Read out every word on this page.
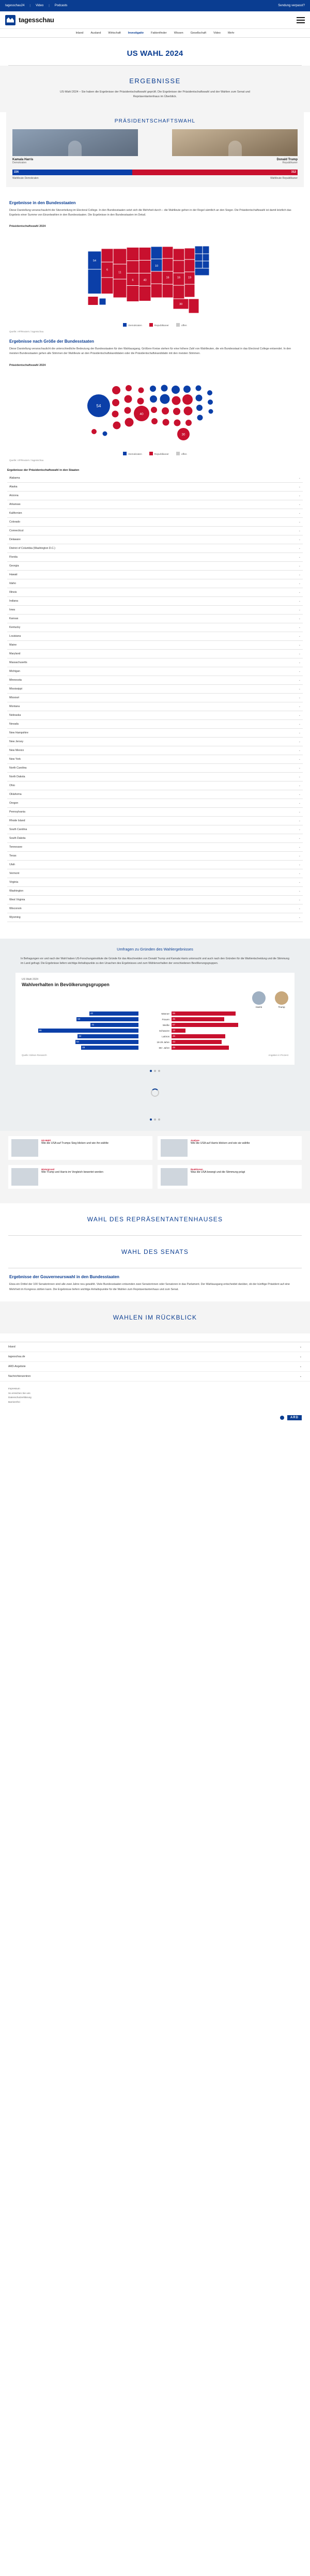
tagesschau24 | Video | Podcasts	Sendung verpasst?
tagesschau
Inland	Ausland	Wirtschaft	Investigativ	Faktenfinder	Wissen	Gesellschaft	Video	Mehr
US WAHL 2024
ERGEBNISSE

US-Wahl 2024 – Sie haben die Ergebnisse der Präsidentschaftswahl geprüft. Die Ergebnisse der Präsidentschaftswahl und der Wahlen zum Senat und Repräsentantenhaus im Überblick.

PRÄSIDENTSCHAFTSWAHL
Kamala Harris
Demokraten
Donald Trump
Republikaner
226	312
Wahlleute Demokraten	Wahlleute Republikaner
Ergebnisse in den Bundesstaaten

Diese Darstellung veranschaulicht die Sitzverteilung im Electoral College. In den Bundesstaaten setzt sich die Mehrheit durch – die Wahlleute gehen in der Regel sämtlich an den Sieger. Die Präsidentschaftswahl ist damit letztlich das Ergebnis einer Summe von Einzelwahlen in den Bundesstaaten. Die Ergebnisse in den Bundesstaaten im Detail.

Präsidentschaftswahl 2024
54
6
11
6 40
10
16 16 19
30
Demokraten	Republikaner	offen
Quelle: AP/Reuters / tagesschau
Ergebnisse nach Größe der Bundesstaaten

Diese Darstellung veranschaulicht die unterschiedliche Bedeutung der Bundesstaaten für den Wahlausgang. Größere Kreise stehen für eine höhere Zahl von Wahlleuten, die ein Bundesstaat in das Electoral College entsendet. In den meisten Bundesstaaten gehen alle Stimmen der Wahlleute an den Präsidentschaftskandidaten oder die Präsidentschaftskandidatin mit den meisten Stimmen.

Präsidentschaftswahl 2024
54
40
30
Demokraten	Republikaner	offen
Quelle: AP/Reuters / tagesschau
Ergebnisse der Präsidentschaftswahl in den Staaten
Alabama	⌄
Alaska	⌄
Arizona	⌄
Arkansas	⌄
Kalifornien	⌄
Colorado	⌄
Connecticut	⌄
Delaware	⌄
District of Columbia (Washington D.C.)	⌄
Florida	⌄
Georgia	⌄
Hawaii	⌄
Idaho	⌄
Illinois	⌄
Indiana	⌄
Iowa	⌄
Kansas	⌄
Kentucky	⌄
Louisiana	⌄
Maine	⌄
Maryland	⌄
Massachusetts	⌄
Michigan	⌄
Minnesota	⌄
Mississippi	⌄
Missouri	⌄
Montana	⌄
Nebraska	⌄
Nevada	⌄
New Hampshire	⌄
New Jersey	⌄
New Mexico	⌄
New York	⌄
North Carolina	⌄
North Dakota	⌄
Ohio	⌄
Oklahoma	⌄
Oregon	⌄
Pennsylvania	⌄
Rhode Island	⌄
South Carolina	⌄
South Dakota	⌄
Tennessee	⌄
Texas	⌄
Utah	⌄
Vermont	⌄
Virginia	⌄
Washington	⌄
West Virginia	⌄
Wisconsin	⌄
Wyoming	⌄
Umfragen zu Gründen des Wahlergebnisses
In Befragungen vor und nach der Wahl haben US-Forschungsinstitute die Gründe für das Abschneiden von Donald Trump und Kamala Harris untersucht und auch nach den Gründen für die Wahlentscheidung und die Stimmung im Land gefragt. Die Ergebnisse liefern wichtige Anhaltspunkte zu den Ursachen des Ergebnisses und zum Wählerverhalten der verschiedenen Bevölkerungsgruppen.
US Wahl 2024
Wahlverhalten in Bevölkerungsgruppen
Harris	Trump
42	Männer	55
53	Frauen	45
41	Weiße	57
86	Schwarze	12
52	Latinos	46
54	18-29 Jahre	43
49	65+ Jahre	49
Quelle: Edison Research	Angaben in Prozent
US-Wahl
Wie die USA auf Trumps Sieg blicken und wie ihn wählte
Analyse
Wie die USA auf Harris blicken und wie sie wählte
Hintergrund
Wie Trump und Harris im Vergleich bewertet werden
Reaktionen
Was die USA bewegt und die Stimmung prägt
WAHL DES REPRÄSENTANTENHAUSES
WAHL DES SENATS
Ergebnisse der Gouverneurswahl in den Bundesstaaten

Etwa ein Drittel der 100 Senatorinnen sind alle zwei Jahre neu gewählt. Viele Bundesstaaten entsenden zwei Senatorinnen oder Senatoren in das Parlament. Der Wahlausgang entscheidet darüber, ob der künftige Präsident auf eine Mehrheit im Kongress zählen kann. Die Ergebnisse liefern wichtige Anhaltspunkte für die Wahlen zum Repräsentantenhaus und zum Senat.

WAHLEN IM RÜCKBLICK
Inland	⌄
tagesschau.de	⌄
ARD-Angebote	⌄
Nachrichtenzentren	⌄
Impressum
So erreichen Sie uns
Datenschutzerklärung
Barrierefrei
ARD
